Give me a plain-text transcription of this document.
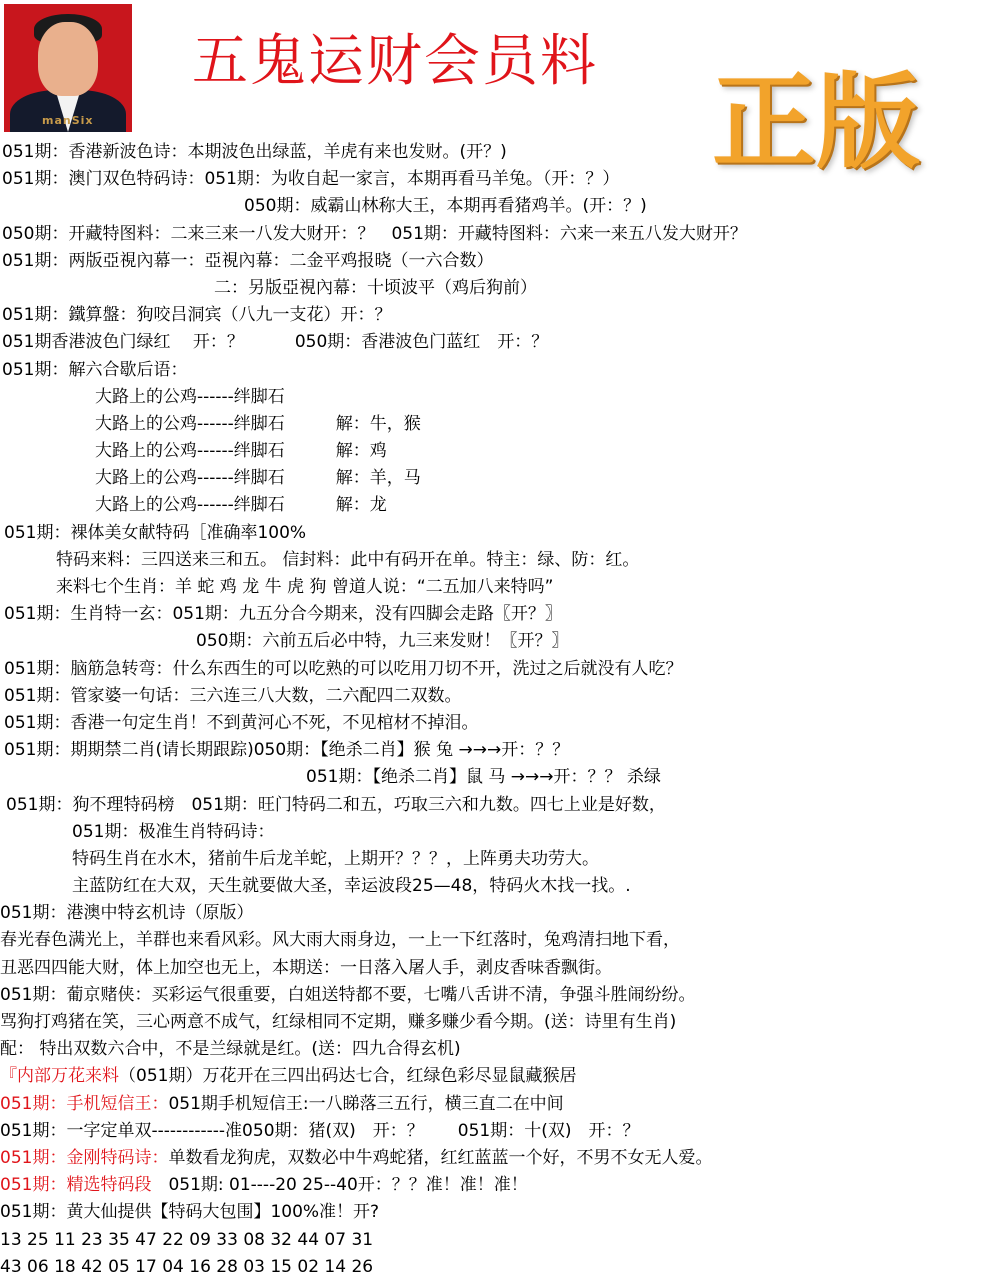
manSix
五鬼运财会员料 正版
051期：香港新波色诗：本期波色出绿蓝，羊虎有来也发财。(开？)
051期：澳门双色特码诗：051期：为收自起一家言，本期再看马羊兔。（开：？）
050期：威霸山林称大王，本期再看猪鸡羊。(开：？)
050期：开藏特图料：二来三来一八发大财开：？　051期：开藏特图料：六来一来五八发大财开？
051期：两版亞視內幕一：亞視內幕：二金平鸡报晓（一六合数）
二：另版亞視內幕：十顷波平（鸡后狗前）
051期：鐵算盤：狗咬吕洞宾（八九一支花）开：？
051期香港波色门绿红　 开：？　　　050期：香港波色门蓝红　开：？
051期：解六合歇后语：
大路上的公鸡------绊脚石
大路上的公鸡------绊脚石　　　解：牛，猴
大路上的公鸡------绊脚石　　　解：鸡
大路上的公鸡------绊脚石　　　解：羊，马
大路上的公鸡------绊脚石　　　解：龙
051期：裸体美女献特码［准确率100%
特码来料：三四送来三和五。 信封料：此中有码开在单。特主：绿、防：红。
来料七个生肖：羊 蛇 鸡 龙 牛 虎 狗 曾道人说：“二五加八来特吗”
051期：生肖特一玄：051期：九五分合今期来，没有四脚会走路〖开？〗
050期：六前五后必中特，九三来发财！〖开？〗
051期：脑筋急转弯：什么东西生的可以吃熟的可以吃用刀切不开，洗过之后就没有人吃？
051期：管家婆一句话：三六连三八大数，二六配四二双数。
051期：香港一句定生肖！不到黄河心不死，不见棺材不掉泪。
051期：期期禁二肖(请长期跟踪)050期：【绝杀二肖】猴 兔 →→→开：？？
051期：【绝杀二肖】鼠 马 →→→开：？？ 杀绿
051期：狗不理特码榜　051期：旺门特码二和五，巧取三六和九数。四七上业是好数，
051期：极准生肖特码诗：
特码生肖在水木，猪前牛后龙羊蛇，上期开？？？，上阵勇夫功劳大。
主蓝防红在大双，天生就要做大圣，幸运波段25—48，特码火木找一找。.
051期：港澳中特玄机诗（原版）
春光春色满光上，羊群也来看风彩。风大雨大雨身边，一上一下红落时，兔鸡清扫地下看，
丑恶四四能大财，体上加空也无上，本期送：一日落入屠人手，剥皮香味香飘街。
051期：葡京赌侠：买彩运气很重要，白姐送特都不要，七嘴八舌讲不清，争强斗胜闹纷纷。
骂狗打鸡猪在笑，三心两意不成气，红绿相同不定期，赚多赚少看今期。(送：诗里有生肖)
配： 特出双数六合中，不是兰绿就是红。(送：四九合得玄机)
『内部万花来料（051期）万花开在三四出码达七合，红绿色彩尽显鼠藏猴居
051期：手机短信王：051期手机短信王:一八睇落三五行，横三直二在中间
051期：一字定单双------------准050期：猪(双)　开：？　　051期：十(双)　开：？
051期：金刚特码诗：单数看龙狗虎，双数必中牛鸡蛇猪，红红蓝蓝一个好，不男不女无人爱。
051期：精选特码段　051期: 01----20 25--40开：？？准！准！准！
051期：黄大仙提供【特码大包围】100%准！开?
13 25 11 23 35 47 22 09 33 08 32 44 07 31
43 06 18 42 05 17 04 16 28 03 15 02 14 26
